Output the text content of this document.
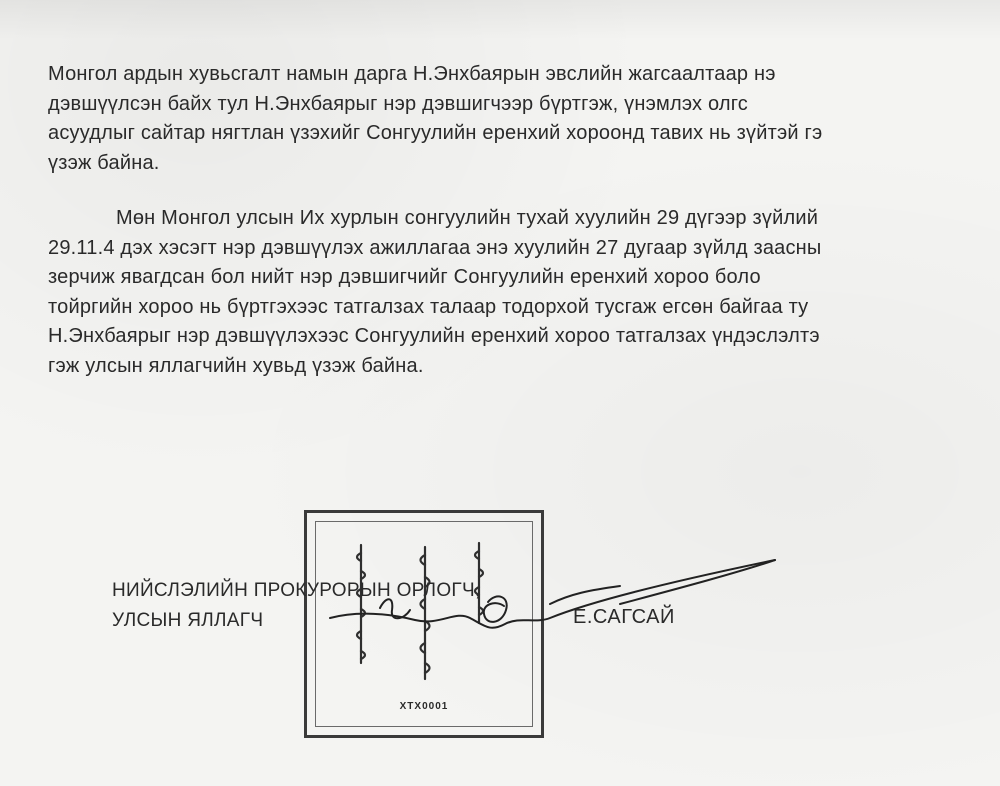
Монгол ардын хувьсгалт намын дарга Н.Энхбаярын эвслийн жагсаалтаар нэ
дэвшүүлсэн байх тул Н.Энхбаярыг нэр дэвшигчээр бүртгэж, үнэмлэх олгс
асуудлыг сайтар нягтлан үзэхийг Сонгуулийн еренхий хороонд тавих нь зүйтэй гэ
үзэж байна.
Мөн Монгол улсын Их хурлын сонгуулийн тухай хуулийн 29 дүгээр зүйлий
29.11.4 дэх хэсэгт нэр дэвшүүлэх ажиллагаа энэ хуулийн 27 дугаар зүйлд заасны
зерчиж явагдсан бол нийт нэр дэвшигчийг Сонгуулийн еренхий хороо боло
тойргийн хороо нь бүртгэхээс татгалзах талаар тодорхой тусгаж егсөн байгаа ту
Н.Энхбаярыг нэр дэвшүүлэхээс Сонгуулийн еренхий хороо татгалзах үндэслэлтэ
гэж улсын яллагчийн хувьд үзэж байна.
ХТХ0001
НИЙСЛЭЛИЙН ПРОКУРОРЫН ОРЛОГЧ,
УЛСЫН ЯЛЛАГЧ	Е.САГСАЙ
